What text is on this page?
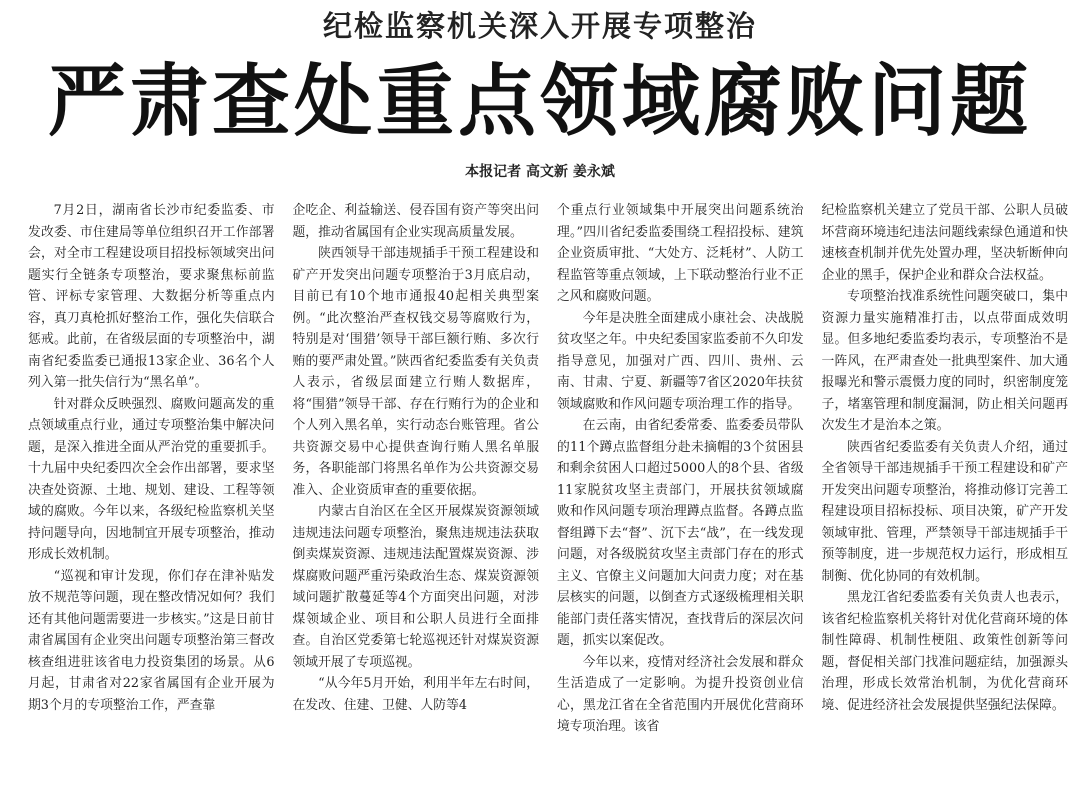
纪检监察机关深入开展专项整治
严肃查处重点领域腐败问题
本报记者 高文新 姜永斌

7月2日，湖南省长沙市纪委监委、市发改委、市住建局等单位组织召开工作部署会，对全市工程建设项目招投标领域突出问题实行全链条专项整治，要求聚焦标前监管、评标专家管理、大数据分析等重点内容，真刀真枪抓好整治工作，强化失信联合惩戒。此前，在省级层面的专项整治中，湖南省纪委监委已通报13家企业、36名个人列入第一批失信行为“黑名单”。

针对群众反映强烈、腐败问题高发的重点领域重点行业，通过专项整治集中解决问题，是深入推进全面从严治党的重要抓手。十九届中央纪委四次全会作出部署，要求坚决查处资源、土地、规划、建设、工程等领域的腐败。今年以来，各级纪检监察机关坚持问题导向，因地制宜开展专项整治，推动形成长效机制。

“巡视和审计发现，你们存在津补贴发放不规范等问题，现在整改情况如何？我们还有其他问题需要进一步核实。”这是日前甘肃省属国有企业突出问题专项整治第三督改核查组进驻该省电力投资集团的场景。从6月起，甘肃省对22家省属国有企业开展为期3个月的专项整治工作，严查靠

企吃企、利益输送、侵吞国有资产等突出问题，推动省属国有企业实现高质量发展。

陕西领导干部违规插手干预工程建设和矿产开发突出问题专项整治于3月底启动，目前已有10个地市通报40起相关典型案例。“此次整治严查权钱交易等腐败行为，特别是对‘围猎’领导干部巨额行贿、多次行贿的要严肃处置。”陕西省纪委监委有关负责人表示，省级层面建立行贿人数据库，将“围猎”领导干部、存在行贿行为的企业和个人列入黑名单，实行动态台账管理。省公共资源交易中心提供查询行贿人黑名单服务，各职能部门将黑名单作为公共资源交易准入、企业资质审查的重要依据。

内蒙古自治区在全区开展煤炭资源领域违规违法问题专项整治，聚焦违规违法获取倒卖煤炭资源、违规违法配置煤炭资源、涉煤腐败问题严重污染政治生态、煤炭资源领域问题扩散蔓延等4个方面突出问题，对涉煤领域企业、项目和公职人员进行全面排查。自治区党委第七轮巡视还针对煤炭资源领域开展了专项巡视。

“从今年5月开始，利用半年左右时间，在发改、住建、卫健、人防等4

个重点行业领域集中开展突出问题系统治理。”四川省纪委监委围绕工程招投标、建筑企业资质审批、“大处方、泛耗材”、人防工程监管等重点领域，上下联动整治行业不正之风和腐败问题。

今年是决胜全面建成小康社会、决战脱贫攻坚之年。中央纪委国家监委前不久印发指导意见，加强对广西、四川、贵州、云南、甘肃、宁夏、新疆等7省区2020年扶贫领域腐败和作风问题专项治理工作的指导。

在云南，由省纪委常委、监委委员带队的11个蹲点监督组分赴未摘帽的3个贫困县和剩余贫困人口超过5000人的8个县、省级11家脱贫攻坚主责部门，开展扶贫领域腐败和作风问题专项治理蹲点监督。各蹲点监督组蹲下去“督”、沉下去“战”，在一线发现问题，对各级脱贫攻坚主责部门存在的形式主义、官僚主义问题加大问责力度；对在基层核实的问题，以倒查方式逐级梳理相关职能部门责任落实情况，查找背后的深层次问题，抓实以案促改。

今年以来，疫情对经济社会发展和群众生活造成了一定影响。为提升投资创业信心，黑龙江省在全省范围内开展优化营商环境专项治理。该省

纪检监察机关建立了党员干部、公职人员破坏营商环境违纪违法问题线索绿色通道和快速核查机制并优先处置办理，坚决斩断伸向企业的黑手，保护企业和群众合法权益。

专项整治找准系统性问题突破口，集中资源力量实施精准打击，以点带面成效明显。但多地纪委监委均表示，专项整治不是一阵风，在严肃查处一批典型案件、加大通报曝光和警示震慑力度的同时，织密制度笼子，堵塞管理和制度漏洞，防止相关问题再次发生才是治本之策。

陕西省纪委监委有关负责人介绍，通过全省领导干部违规插手干预工程建设和矿产开发突出问题专项整治，将推动修订完善工程建设项目招标投标、项目决策，矿产开发领域审批、管理，严禁领导干部违规插手干预等制度，进一步规范权力运行，形成相互制衡、优化协同的有效机制。

黑龙江省纪委监委有关负责人也表示，该省纪检监察机关将针对优化营商环境的体制性障碍、机制性梗阻、政策性创新等问题，督促相关部门找准问题症结，加强源头治理，形成长效常治机制，为优化营商环境、促进经济社会发展提供坚强纪法保障。
